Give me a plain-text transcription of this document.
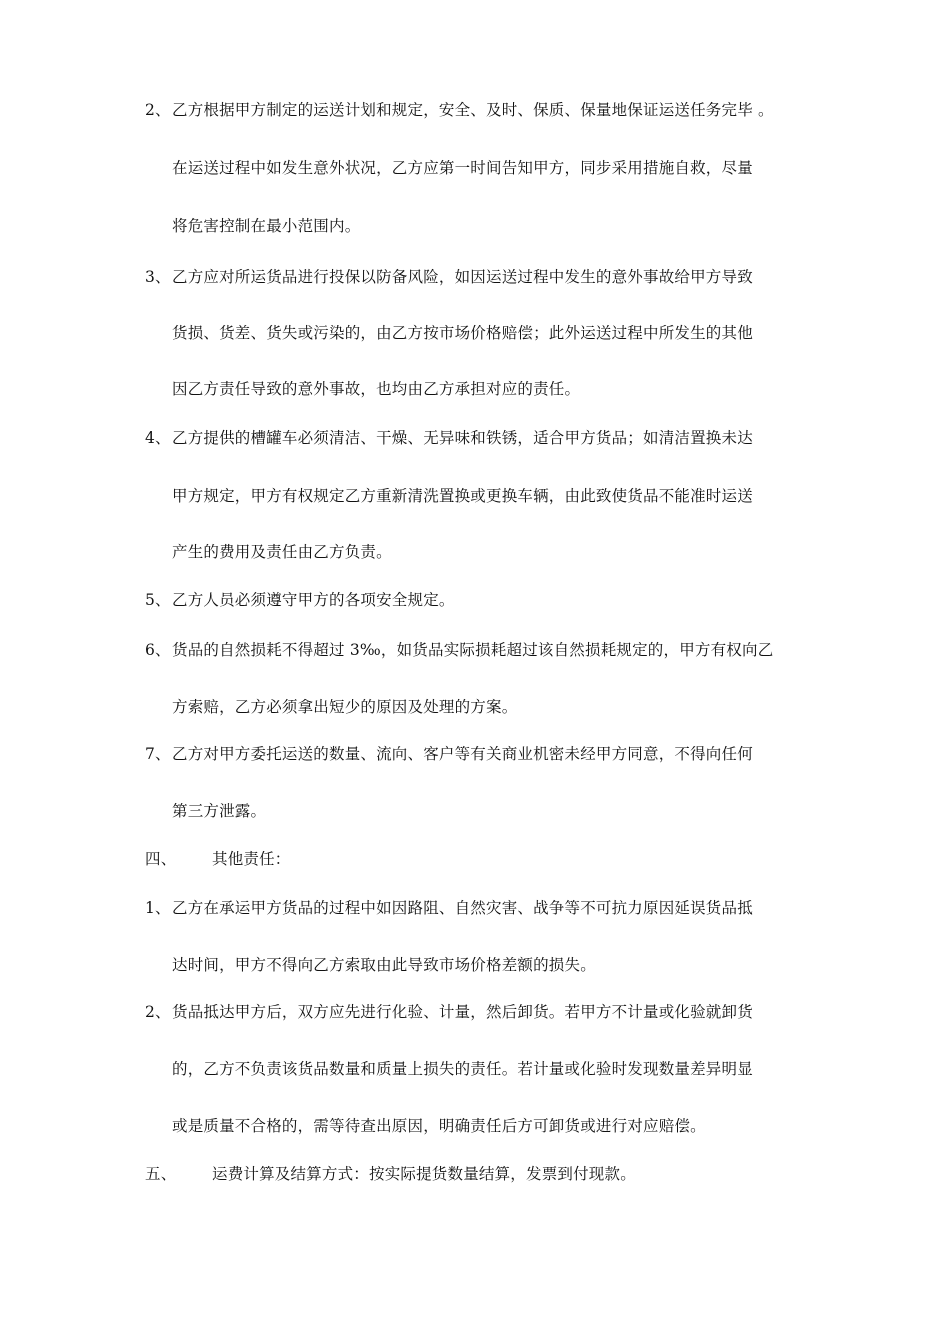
2、 乙方根据甲方制定的运送计划和规定，安全、及时、保质、保量地保证运送任务完毕 。
在运送过程中如发生意外状况，乙方应第一时间告知甲方，同步采用措施自救，尽量
将危害控制在最小范围内。
3、 乙方应对所运货品进行投保以防备风险，如因运送过程中发生的意外事故给甲方导致
货损、货差、货失或污染的，由乙方按市场价格赔偿；此外运送过程中所发生的其他
因乙方责任导致的意外事故，也均由乙方承担对应的责任。
4、 乙方提供的槽罐车必须清洁、干燥、无异味和铁锈，适合甲方货品；如清洁置换未达
甲方规定，甲方有权规定乙方重新清洗置换或更换车辆，由此致使货品不能准时运送
产生的费用及责任由乙方负责。
5、 乙方人员必须遵守甲方的各项安全规定。
6、 货品的自然损耗不得超过 3‰，如货品实际损耗超过该自然损耗规定的，甲方有权向乙
方索赔，乙方必须拿出短少的原因及处理的方案。
7、 乙方对甲方委托运送的数量、流向、客户等有关商业机密未经甲方同意，不得向任何
第三方泄露。
四、 其他责任：
1、 乙方在承运甲方货品的过程中如因路阻、自然灾害、战争等不可抗力原因延误货品抵
达时间，甲方不得向乙方索取由此导致市场价格差额的损失。
2、 货品抵达甲方后，双方应先进行化验、计量，然后卸货。若甲方不计量或化验就卸货
的，乙方不负责该货品数量和质量上损失的责任。若计量或化验时发现数量差异明显
或是质量不合格的，需等待查出原因，明确责任后方可卸货或进行对应赔偿。
五、 运费计算及结算方式：按实际提货数量结算，发票到付现款。
